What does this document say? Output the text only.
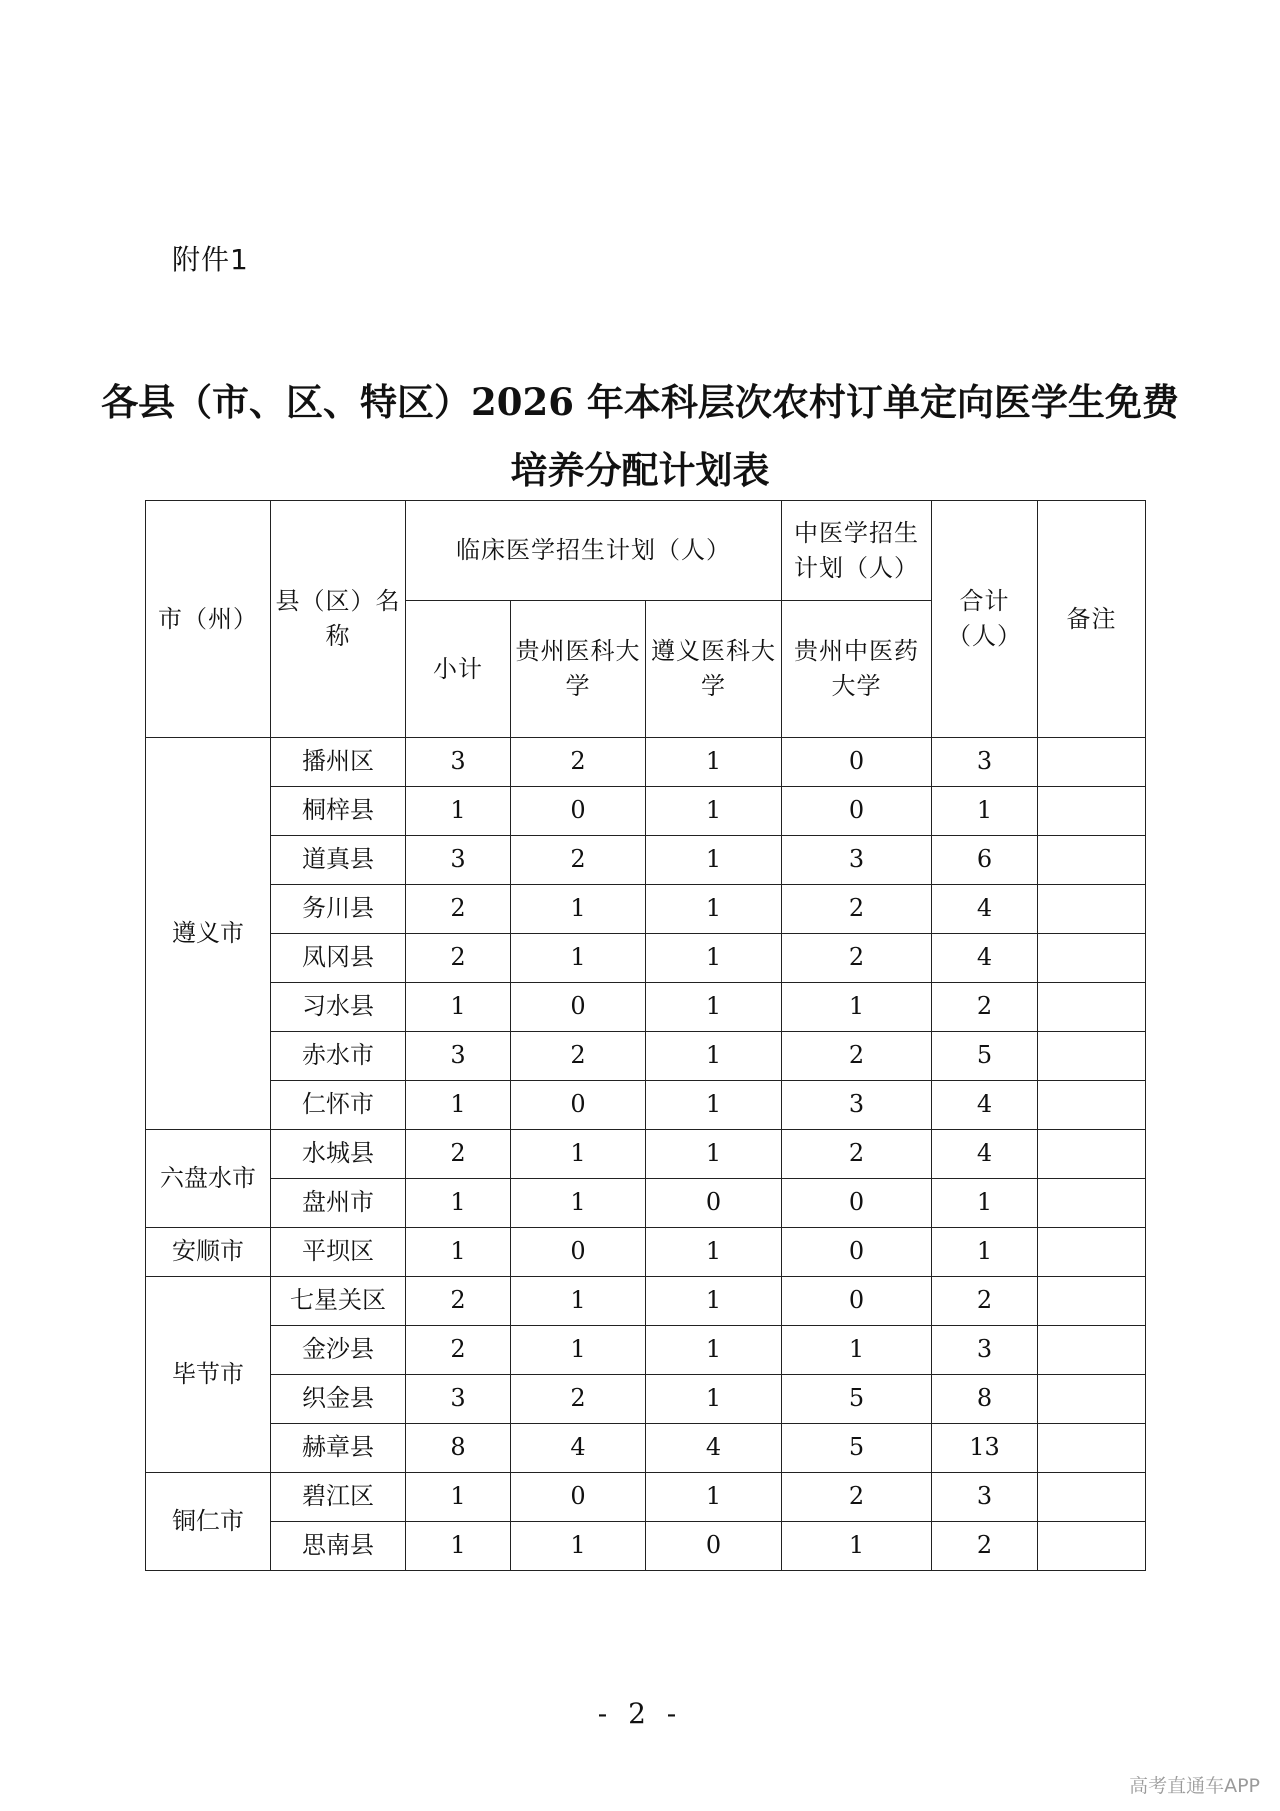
附件1
各县（市、区、特区）2026 年本科层次农村订单定向医学生免费
培养分配计划表
市（州）	县（区）名称	临床医学招生计划（人）			中医学招生计划（人）	合计（人）	备注
		小计	贵州医科大学	遵义医科大学	贵州中医药大学		
遵义市	播州区	3	2	1	0	3	
	桐梓县	1	0	1	0	1	
	道真县	3	2	1	3	6	
	务川县	2	1	1	2	4	
	凤冈县	2	1	1	2	4	
	习水县	1	0	1	1	2	
	赤水市	3	2	1	2	5	
	仁怀市	1	0	1	3	4	
六盘水市	水城县	2	1	1	2	4	
	盘州市	1	1	0	0	1	
安顺市	平坝区	1	0	1	0	1	
毕节市	七星关区	2	1	1	0	2	
	金沙县	2	1	1	1	3	
	织金县	3	2	1	5	8	
	赫章县	8	4	4	5	13	
铜仁市	碧江区	1	0	1	2	3	
	思南县	1	1	0	1	2	
- 2 -
高考直通车APP
